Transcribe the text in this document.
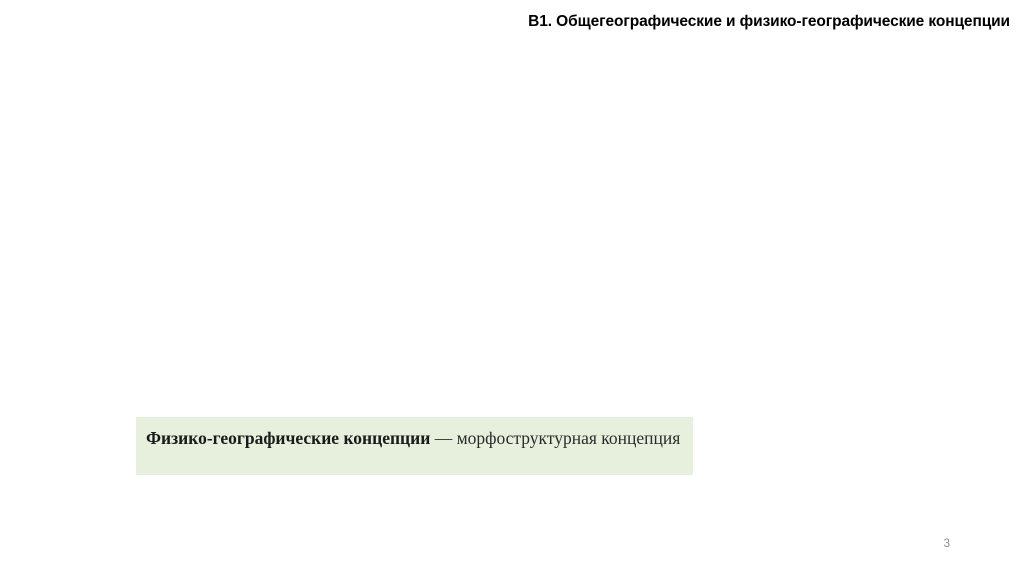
B1. Общегеографические и физико-географические концепции

Физико-географические концепции — морфоструктурная концепция

3
